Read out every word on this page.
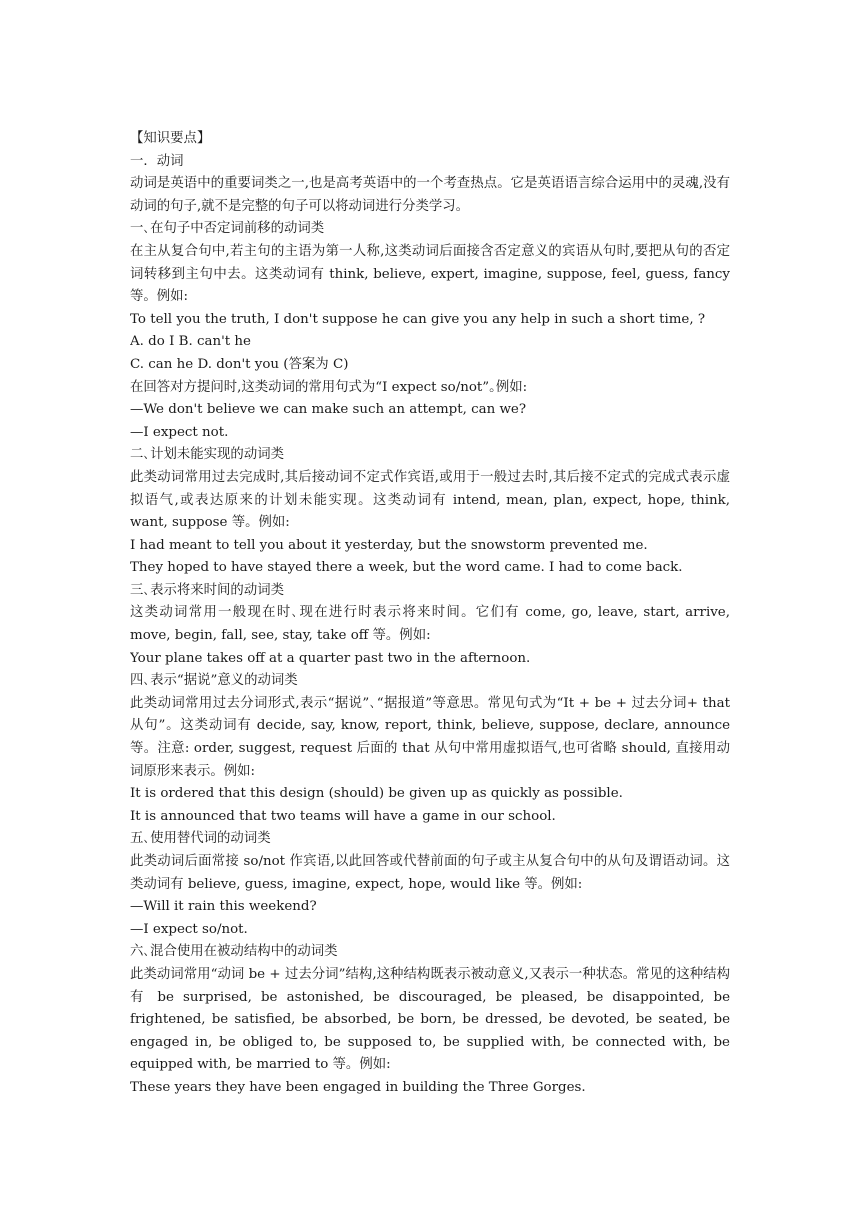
【知识要点】
一．动词
动词是英语中的重要词类之一,也是高考英语中的一个考查热点。它是英语语言综合运用中的灵魂,没有动词的句子,就不是完整的句子可以将动词进行分类学习。
一､在句子中否定词前移的动词类
在主从复合句中,若主句的主语为第一人称,这类动词后面接含否定意义的宾语从句时,要把从句的否定词转移到主句中去。这类动词有 think, believe, expert, imagine, suppose, feel, guess, fancy 等。例如:
To tell you the truth, I don't suppose he can give you any help in such a short time, ?
A. do I B. can't he
C. can he D. don't you (答案为 C)
在回答对方提问时,这类动词的常用句式为“I expect so/not”｡例如:
—We don't believe we can make such an attempt, can we?
—I expect not.
二､计划未能实现的动词类
此类动词常用过去完成时,其后接动词不定式作宾语,或用于一般过去时,其后接不定式的完成式表示虚拟语气,或表达原来的计划未能实现。这类动词有 intend, mean, plan, expect, hope, think, want, suppose 等。例如:
I had meant to tell you about it yesterday, but the snowstorm prevented me.
They hoped to have stayed there a week, but the word came. I had to come back.
三､表示将来时间的动词类
这类动词常用一般现在时､现在进行时表示将来时间。它们有 come, go, leave, start, arrive, move, begin, fall, see, stay, take off 等。例如:
Your plane takes off at a quarter past two in the afternoon.
四､表示“据说”意义的动词类
此类动词常用过去分词形式,表示“据说”､“据报道”等意思。常见句式为“It + be + 过去分词+ that 从句”。这类动词有 decide, say, know, report, think, believe, suppose, declare, announce 等。注意: order, suggest, request 后面的 that 从句中常用虚拟语气,也可省略 should, 直接用动词原形来表示。例如:
It is ordered that this design (should) be given up as quickly as possible.
It is announced that two teams will have a game in our school.
五､使用替代词的动词类
此类动词后面常接 so/not 作宾语,以此回答或代替前面的句子或主从复合句中的从句及谓语动词。这类动词有 believe, guess, imagine, expect, hope, would like 等。例如:
—Will it rain this weekend?
—I expect so/not.
六､混合使用在被动结构中的动词类
此类动词常用“动词 be + 过去分词”结构,这种结构既表示被动意义,又表示一种状态。常见的这种结构有 be surprised, be astonished, be discouraged, be pleased, be disappointed, be frightened, be satisfied, be absorbed, be born, be dressed, be devoted, be seated, be engaged in, be obliged to, be supposed to, be supplied with, be connected with, be equipped with, be married to 等。例如:
These years they have been engaged in building the Three Gorges.
